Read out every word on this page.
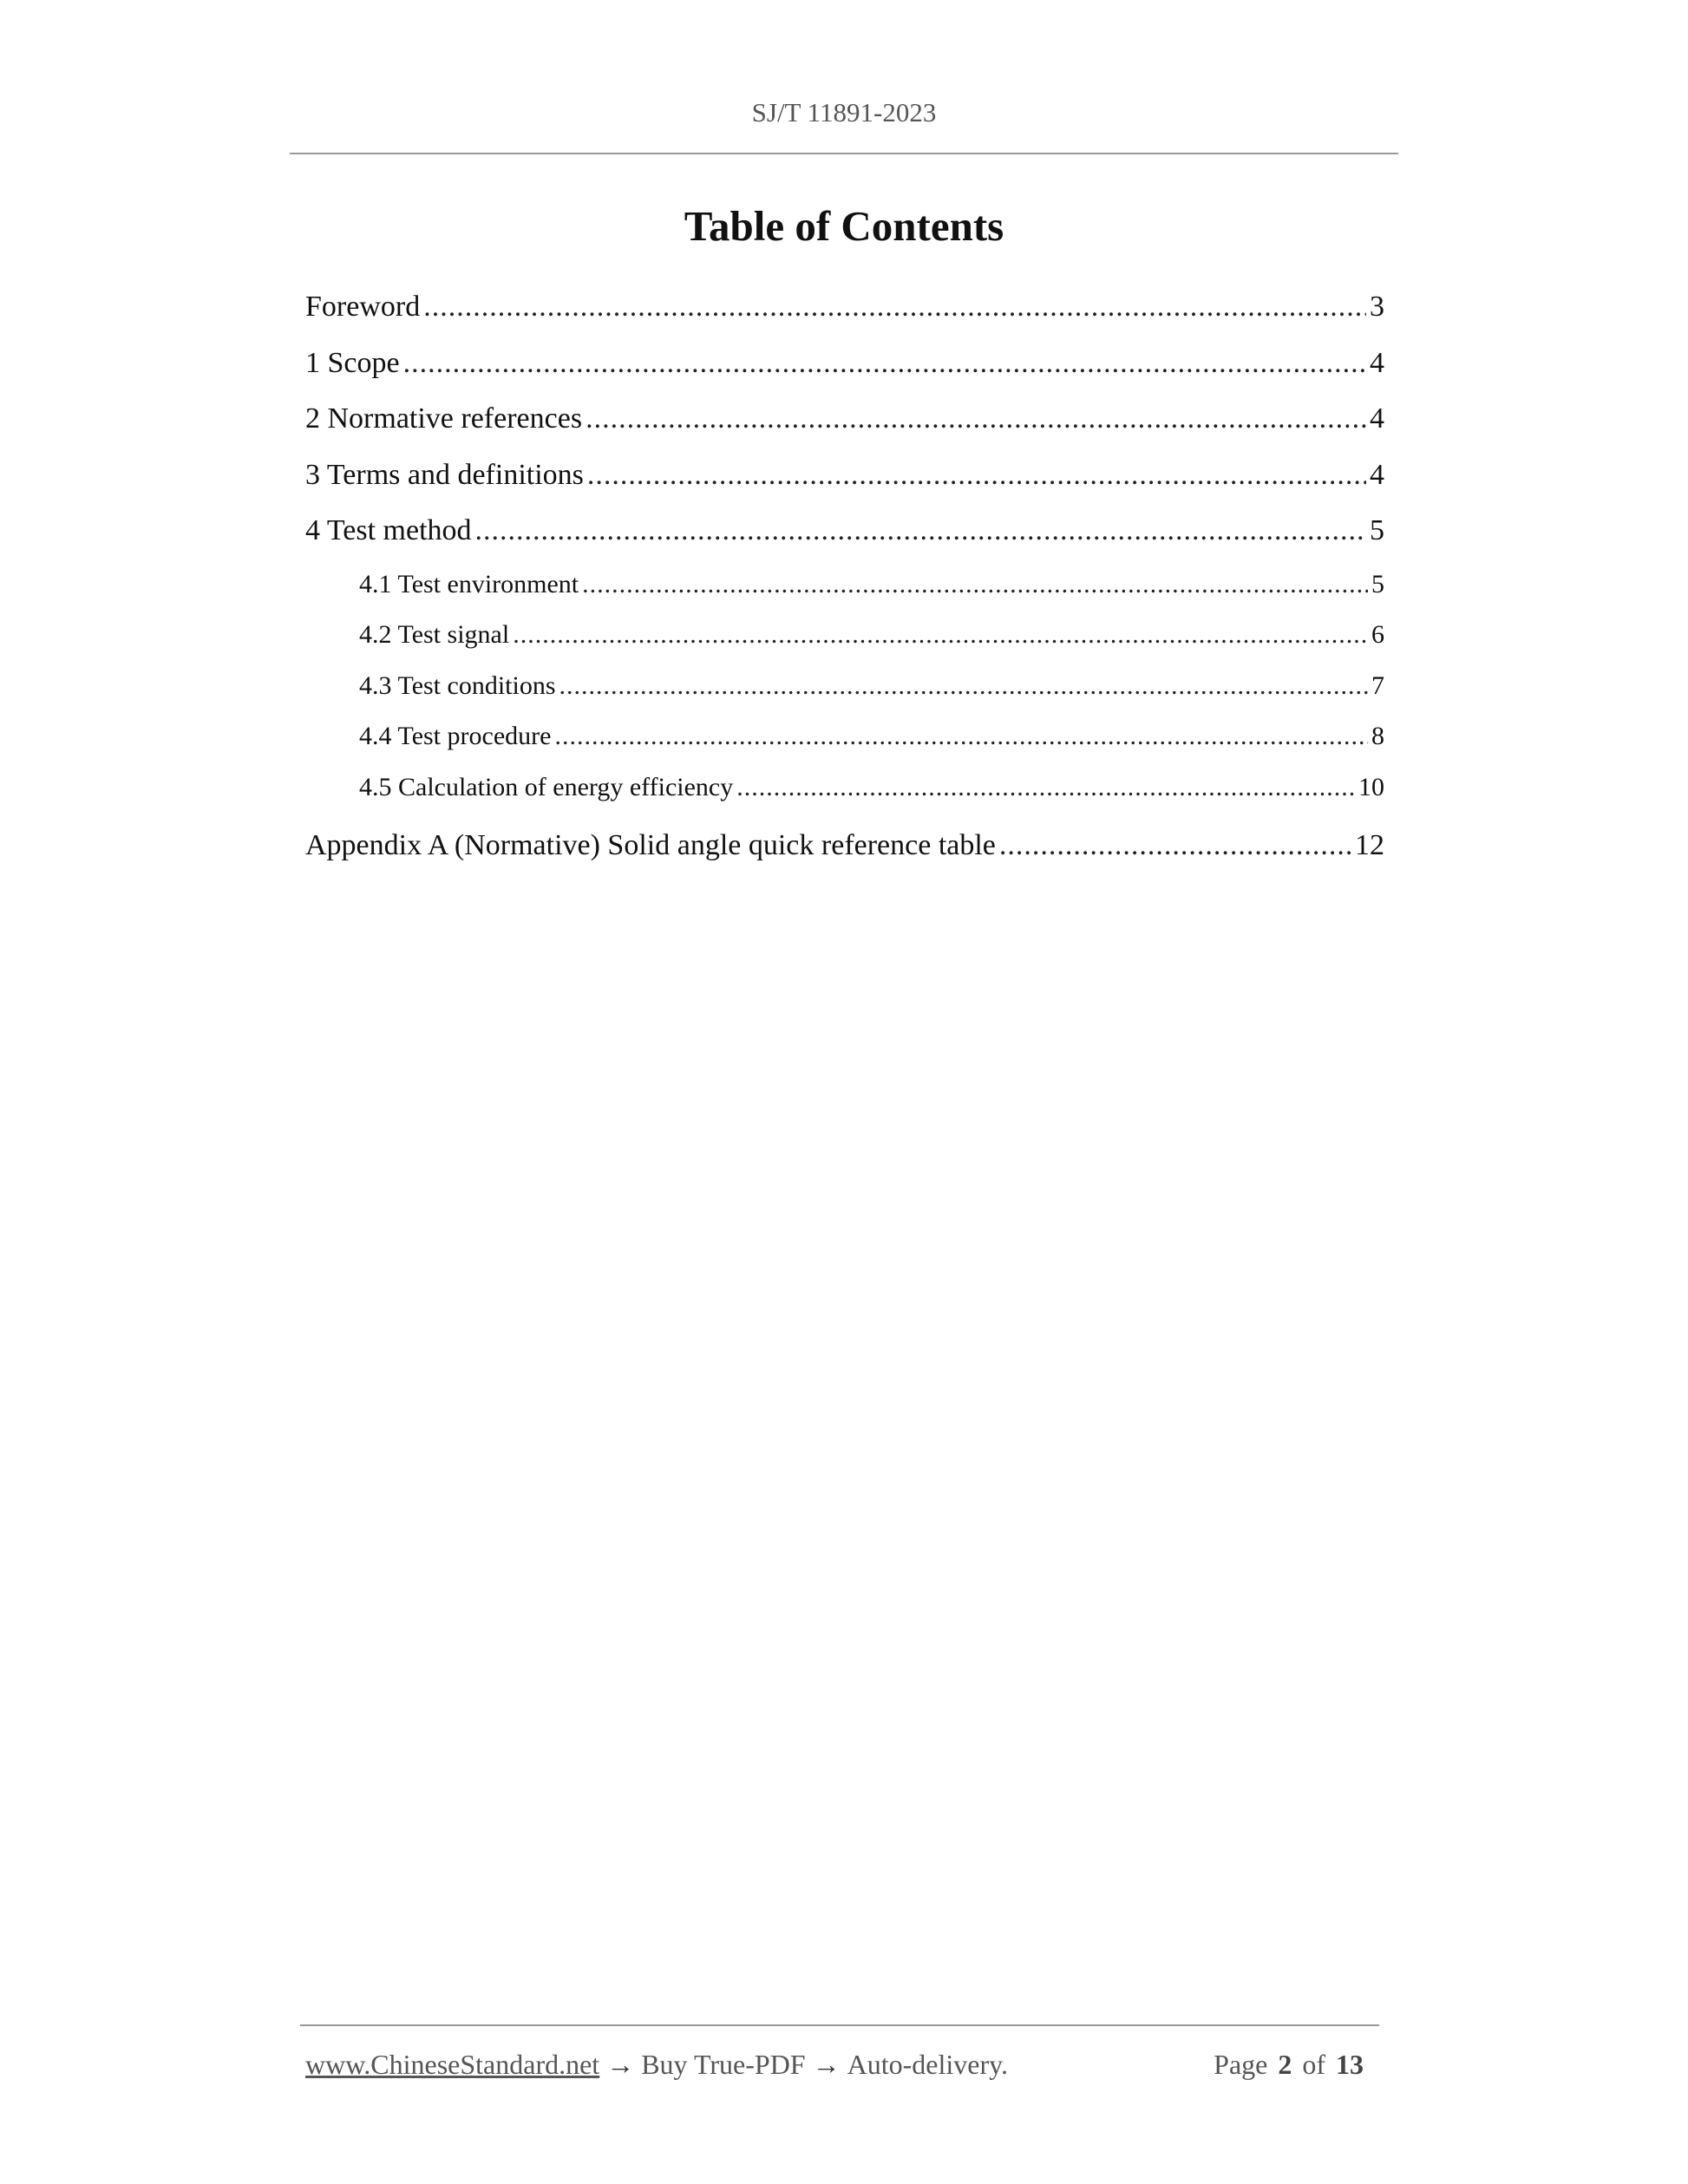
SJ/T 11891-2023
Table of Contents
Foreword .....	3
1 Scope .....	4
2 Normative references .....	4
3 Terms and definitions .....	4
4 Test method .....	5
4.1 Test environment .....	5
4.2 Test signal .....	6
4.3 Test conditions .....	7
4.4 Test procedure .....	8
4.5 Calculation of energy efficiency .....	10
Appendix A (Normative) Solid angle quick reference table .....	12
www.ChineseStandard.net → Buy True-PDF → Auto-delivery.	Page 2 of 13
